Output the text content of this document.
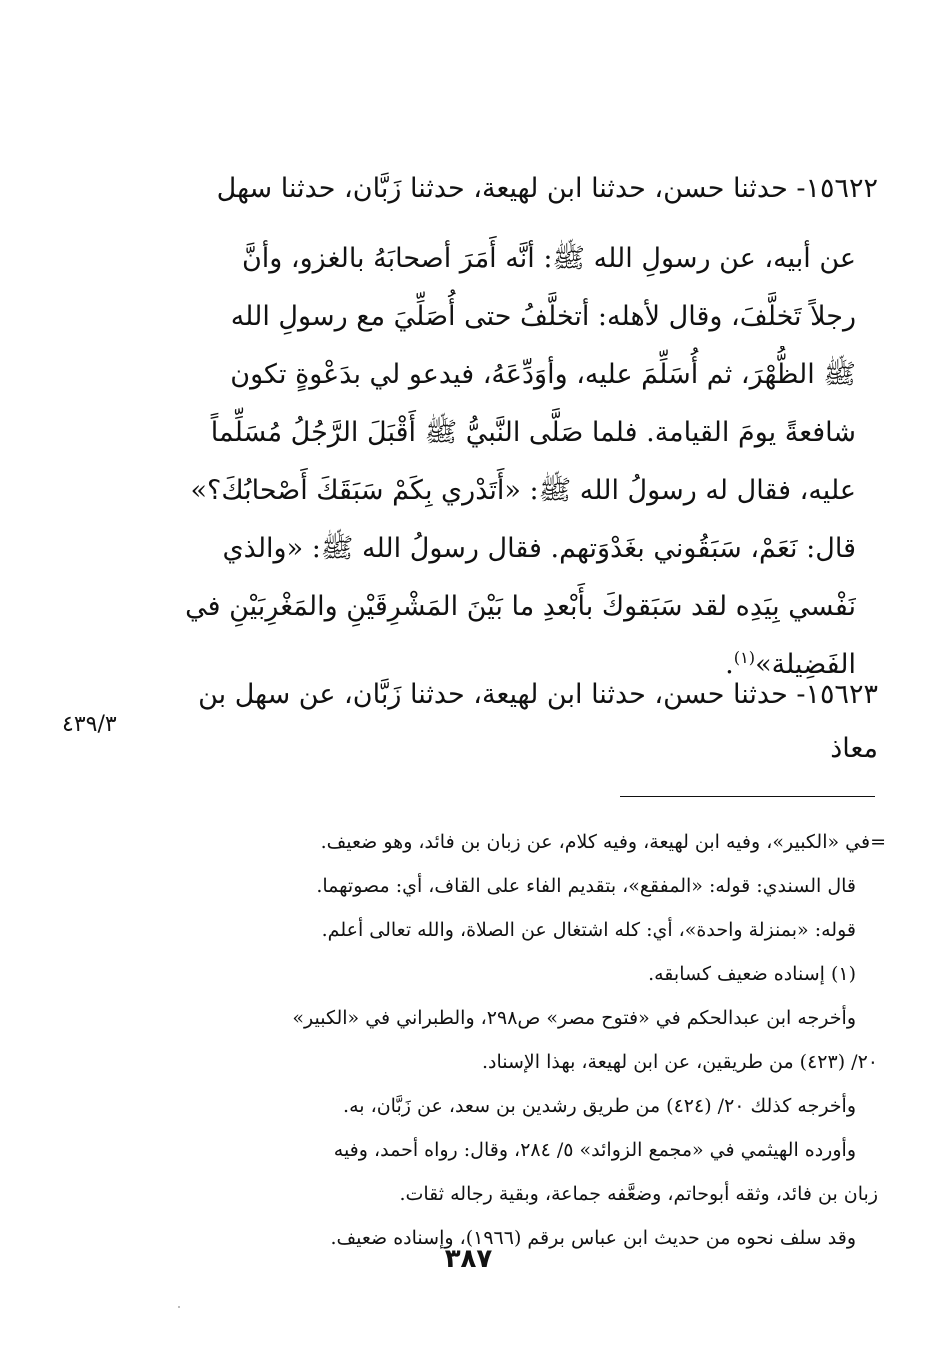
١٥٦٢٢- حدثنا حسن، حدثنا ابن لهيعة، حدثنا زَبَّان، حدثنا سهل
عن أبيه، عن رسولِ الله ﷺ: أنَّه أَمَرَ أصحابَهُ بالغزو، وأنَّ
رجلاً تَخلَّفَ، وقال لأهله: أتخلَّفُ حتى أُصَلِّيَ مع رسولِ الله
ﷺ الظُّهْرَ، ثم أُسَلِّمَ عليه، وأوَدِّعَهُ، فيدعو لي بدَعْوةٍ تكون
شافعةً يومَ القيامة. فلما صَلَّى النَّبيُّ ﷺ أَقْبَلَ الرَّجُلُ مُسَلِّماً
عليه، فقال له رسولُ الله ﷺ: «أَتَدْري بِكَمْ سَبَقَكَ أَصْحابُكَ؟»
قال: نَعَمْ، سَبَقُوني بغَدْوَتهم. فقال رسولُ الله ﷺ: «والذي
نَفْسي بِيَدِه لقد سَبَقوكَ بأَبْعدِ ما بَيْنَ المَشْرِقَيْنِ والمَغْرِبَيْنِ في
الفَضِيلة»$^{(١)}$.
١٥٦٢٣- حدثنا حسن، حدثنا ابن لهيعة، حدثنا زَبَّان، عن سهل بن
معاذ
٤٣٩/٣
=في «الكبير»، وفيه ابن لهيعة، وفيه كلام، عن زبان بن فائد، وهو ضعيف.
قال السندي: قوله: «المفقع»، بتقديم الفاء على القاف، أي: مصوتهما.
قوله: «بمنزلة واحدة»، أي: كله اشتغال عن الصلاة، والله تعالى أعلم.
(١) إسناده ضعيف كسابقه.
وأخرجه ابن عبدالحكم في «فتوح مصر» ص٢٩٨، والطبراني في «الكبير»
٢٠/ (٤٢٣) من طريقين، عن ابن لهيعة، بهذا الإسناد.
وأخرجه كذلك ٢٠/ (٤٢٤) من طريق رشدين بن سعد، عن زَبَّان، به.
وأورده الهيثمي في «مجمع الزوائد» ٥/ ٢٨٤، وقال: رواه أحمد، وفيه
زبان بن فائد، وثقه أبوحاتم، وضعَّفه جماعة، وبقية رجاله ثقات.
وقد سلف نحوه من حديث ابن عباس برقم (١٩٦٦)، وإسناده ضعيف.
٣٨٧
